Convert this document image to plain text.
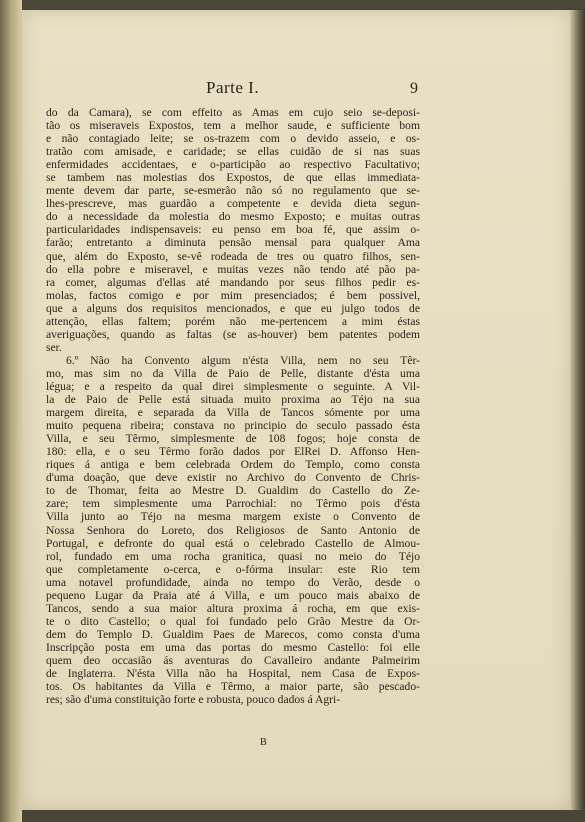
Parte I.	9
do da Camara), se com effeito as Amas em cujo seio se-deposi-
tão os miseraveis Expostos, tem a melhor saude, e sufficiente bom
e não contagiado leite; se os-trazem com o devido asseio, e os-
tratão com amisade, e caridade; se ellas cuidão de si nas suas
enfermidades accidentaes, e o-participão ao respectivo Facultativo;
se tambem nas molestias dos Expostos, de que ellas immediata-
mente devem dar parte, se-esmerão não só no regulamento que se-
lhes-prescreve, mas guardão a competente e devida dieta segun-
do a necessidade da molestia do mesmo Exposto; e muitas outras
particularidades indispensaveis: eu penso em boa fé, que assim o-
farão; entretanto a diminuta pensão mensal para qualquer Ama
que, além do Exposto, se-vê rodeada de tres ou quatro filhos, sen-
do ella pobre e miseravel, e muitas vezes não tendo até pão pa-
ra comer, algumas d'ellas até mandando por seus filhos pedir es-
molas, factos comigo e por mim presenciados; é bem possivel,
que a alguns dos requisitos mencionados, e que eu julgo todos de
attenção, ellas faltem; porém não me-pertencem a mim éstas
averiguações, quando as faltas (se as-houver) bem patentes podem
ser.
6.º Não ha Convento algum n'ésta Villa, nem no seu Têr-
mo, mas sim no da Villa de Paio de Pelle, distante d'ésta uma
légua; e a respeito da qual direi simplesmente o seguinte. A Vil-
la de Paio de Pelle está situada muito proxima ao Téjo na sua
margem direita, e separada da Villa de Tancos sómente por uma
muito pequena ribeira; constava no principio do seculo passado ésta
Villa, e seu Têrmo, simplesmente de 108 fogos; hoje consta de
180: ella, e o seu Têrmo forão dados por ElRei D. Affonso Hen-
riques á antiga e bem celebrada Ordem do Templo, como consta
d'uma doação, que deve existir no Archivo do Convento de Chris-
to de Thomar, feita ao Mestre D. Gualdim do Castello do Ze-
zare; tem simplesmente uma Parrochial: no Têrmo pois d'ésta
Villa junto ao Téjo na mesma margem existe o Convento de
Nossa Senhora do Loreto, dos Religiosos de Santo Antonio de
Portugal, e defronte do qual está o celebrado Castello de Almou-
rol, fundado em uma rocha granitica, quasi no meio do Téjo
que completamente o-cerca, e o-fórma insular: este Rio tem
uma notavel profundidade, ainda no tempo do Verão, desde o
pequeno Lugar da Praia até á Villa, e um pouco mais abaixo de
Tancos, sendo a sua maior altura proxima á rocha, em que exis-
te o dito Castello; o qual foi fundado pelo Grão Mestre da Or-
dem do Templo D. Gualdim Paes de Marecos, como consta d'uma
Inscripção posta em uma das portas do mesmo Castello: foi elle
quem deo occasião ás aventuras do Cavalleiro andante Palmeirim
de Inglaterra. N'ésta Villa não ha Hospital, nem Casa de Expos-
tos. Os habitantes da Villa e Têrmo, a maior parte, são pescado-
res; são d'uma constituição forte e robusta, pouco dados á Agri-
B
